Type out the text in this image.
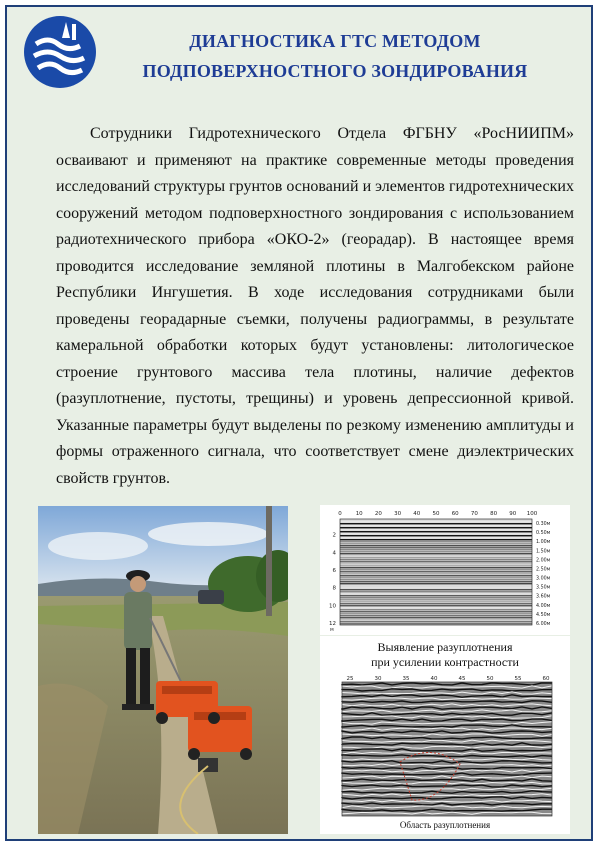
ДИАГНОСТИКА ГТС МЕТОДОМ
ПОДПОВЕРХНОСТНОГО ЗОНДИРОВАНИЯ

Сотрудники Гидротехнического Отдела ФГБНУ «РосНИИПМ» осваивают и применяют на практике современные методы проведения исследований структуры грунтов оснований и элементов гидротехнических сооружений методом подповерхностного зондирования с использованием радиотехнического прибора «ОКО-2» (георадар). В настоящее время проводится исследование земляной плотины в Малгобекском районе Республики Ингушетия. В ходе исследования сотрудниками были проведены георадарные съемки, получены радиограммы, в результате камеральной обработки которых будут установлены: литологическое строение грунтового массива тела плотины, наличие дефектов (разуплотнение, пустоты, трещины) и уровень депрессионной кривой. Указанные параметры будут выделены по резкому изменению амплитуды и формы отраженного сигнала, что соответствует смене диэлектрических свойств грунтов.

0	10 20 30 40 50 60 70 80 90 100
2
4
6
8
10
12
0.30м
0.50м
1.00м
1.50м
2.00м
2.50м
3.00м
3.50м
3.60м
4.00м
4.50м
6.00м
м
Выявление разуплотнения
при усилении контрастности
25	30	35	40	45	50	55	60
Область разуплотнения
